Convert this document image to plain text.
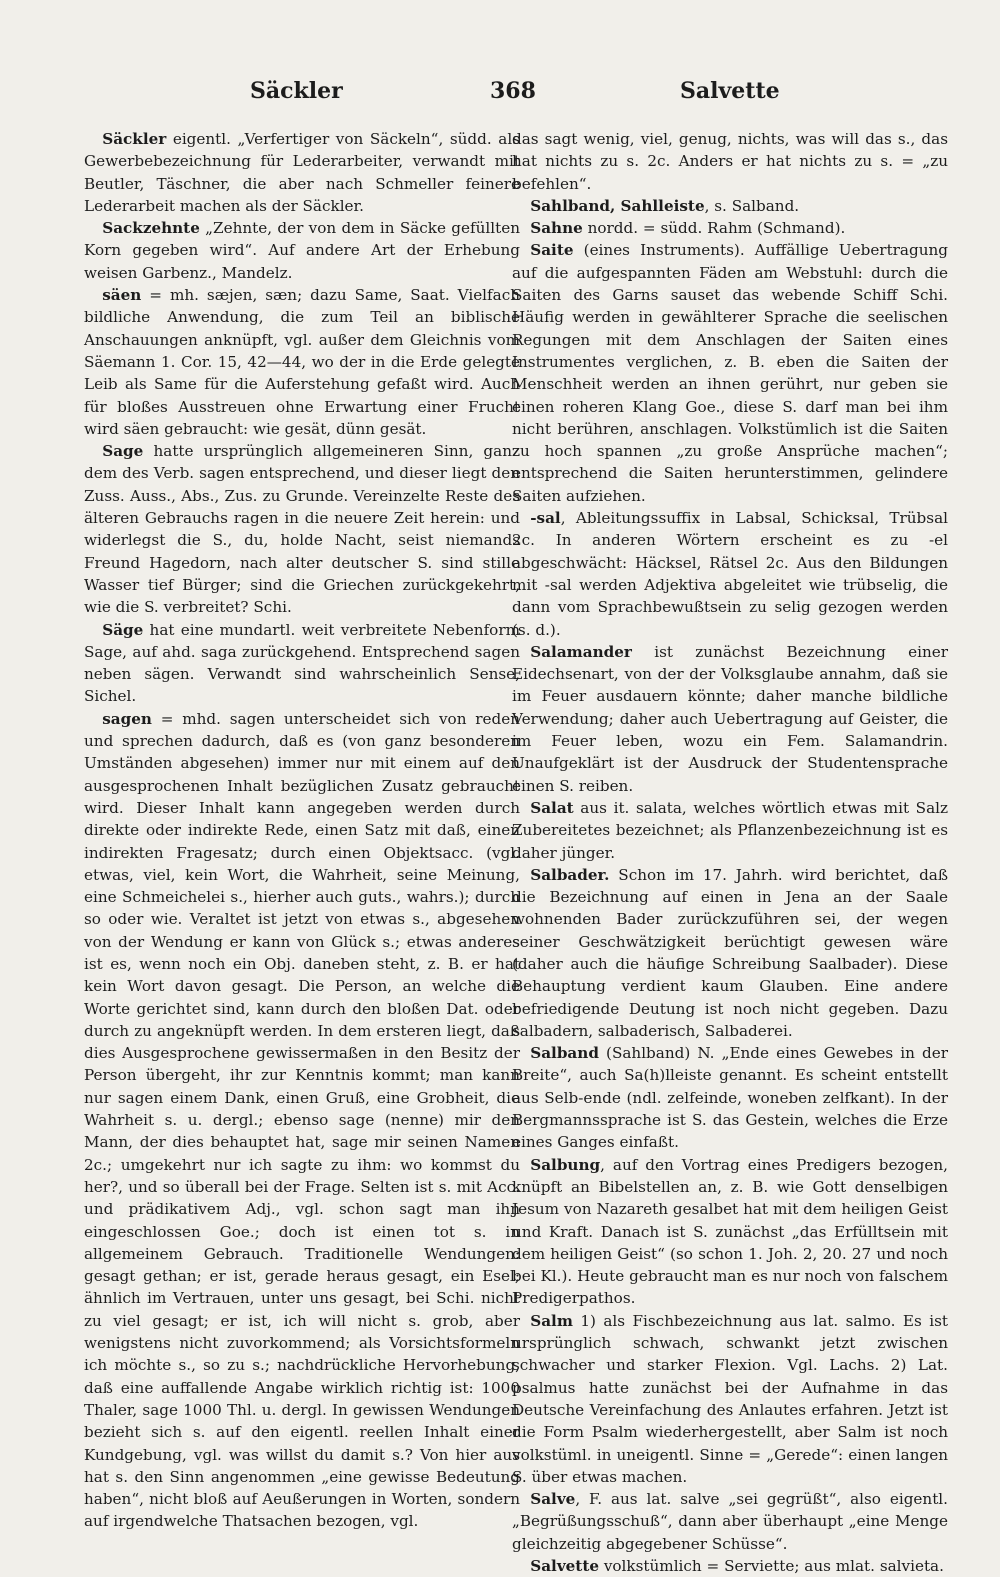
Säckler	368	Salvette

Säckler eigentl. „Verfertiger von Säckeln“, südd. als Gewerbebezeichnung für Lederarbeiter, verwandt mit Beutler, Täschner, die aber nach Schmeller feinere Lederarbeit machen als der Säckler.

Sackzehnte „Zehnte, der von dem in Säcke gefüllten Korn gegeben wird“. Auf andere Art der Erhebung weisen Garbenz., Mandelz.

säen = mh. sæjen, sæn; dazu Same, Saat. Vielfach bildliche Anwendung, die zum Teil an biblische Anschauungen anknüpft, vgl. außer dem Gleichnis vom Säemann 1. Cor. 15, 42—44, wo der in die Erde gelegte Leib als Same für die Auferstehung gefaßt wird. Auch für bloßes Ausstreuen ohne Erwartung einer Frucht wird säen gebraucht: wie gesät, dünn gesät.

Sage hatte ursprünglich allgemeineren Sinn, ganz dem des Verb. sagen entsprechend, und dieser liegt den Zuss. Auss., Abs., Zus. zu Grunde. Vereinzelte Reste des älteren Gebrauchs ragen in die neuere Zeit herein: und widerlegst die S., du, holde Nacht, seist niemands Freund Hagedorn, nach alter deutscher S. sind stille Wasser tief Bürger; sind die Griechen zurückgekehrt, wie die S. verbreitet? Schi.

Säge hat eine mundartl. weit verbreitete Nebenform Sage, auf ahd. saga zurückgehend. Entsprechend sagen neben sägen. Verwandt sind wahrscheinlich Sense, Sichel.

sagen = mhd. sagen unterscheidet sich von reden und sprechen dadurch, daß es (von ganz besonderen Umständen abgesehen) immer nur mit einem auf den ausgesprochenen Inhalt bezüglichen Zusatz gebraucht wird. Dieser Inhalt kann angegeben werden durch direkte oder indirekte Rede, einen Satz mit daß, einen indirekten Fragesatz; durch einen Objektsacc. (vgl. etwas, viel, kein Wort, die Wahrheit, seine Meinung, eine Schmeichelei s., hierher auch guts., wahrs.); durch so oder wie. Veraltet ist jetzt von etwas s., abgesehen von der Wendung er kann von Glück s.; etwas anderes ist es, wenn noch ein Obj. daneben steht, z. B. er hat kein Wort davon gesagt. Die Person, an welche die Worte gerichtet sind, kann durch den bloßen Dat. oder durch zu angeknüpft werden. In dem ersteren liegt, daß dies Ausgesprochene gewissermaßen in den Besitz der Person übergeht, ihr zur Kenntnis kommt; man kann nur sagen einem Dank, einen Gruß, eine Grobheit, die Wahrheit s. u. dergl.; ebenso sage (nenne) mir den Mann, der dies behauptet hat, sage mir seinen Namen 2c.; umgekehrt nur ich sagte zu ihm: wo kommst du her?, und so überall bei der Frage. Selten ist s. mit Acc. und prädikativem Adj., vgl. schon sagt man ihn eingeschlossen Goe.; doch ist einen tot s. in allgemeinem Gebrauch. Traditionelle Wendungen: gesagt gethan; er ist, gerade heraus gesagt, ein Esel; ähnlich im Vertrauen, unter uns gesagt, bei Schi. nicht zu viel gesagt; er ist, ich will nicht s. grob, aber wenigstens nicht zuvorkommend; als Vorsichtsformeln ich möchte s., so zu s.; nachdrückliche Hervorhebung, daß eine auffallende Angabe wirklich richtig ist: 1000 Thaler, sage 1000 Thl. u. dergl. In gewissen Wendungen bezieht sich s. auf den eigentl. reellen Inhalt einer Kundgebung, vgl. was willst du damit s.? Von hier aus hat s. den Sinn angenommen „eine gewisse Bedeutung haben“, nicht bloß auf Aeußerungen in Worten, sondern auf irgendwelche Thatsachen bezogen, vgl.

das sagt wenig, viel, genug, nichts, was will das s., das hat nichts zu s. 2c. Anders er hat nichts zu s. = „zu befehlen“.

Sahlband, Sahlleiste, s. Salband.

Sahne nordd. = südd. Rahm (Schmand).

Saite (eines Instruments). Auffällige Uebertragung auf die aufgespannten Fäden am Webstuhl: durch die Saiten des Garns sauset das webende Schiff Schi. Häufig werden in gewählterer Sprache die seelischen Regungen mit dem Anschlagen der Saiten eines Instrumentes verglichen, z. B. eben die Saiten der Menschheit werden an ihnen gerührt, nur geben sie einen roheren Klang Goe., diese S. darf man bei ihm nicht berühren, anschlagen. Volkstümlich ist die Saiten zu hoch spannen „zu große Ansprüche machen“; entsprechend die Saiten herunterstimmen, gelindere Saiten aufziehen.

-sal, Ableitungssuffix in Labsal, Schicksal, Trübsal 2c. In anderen Wörtern erscheint es zu -el abgeschwächt: Häcksel, Rätsel 2c. Aus den Bildungen mit -sal werden Adjektiva abgeleitet wie trübselig, die dann vom Sprachbewußtsein zu selig gezogen werden (s. d.).

Salamander ist zunächst Bezeichnung einer Eidechsenart, von der der Volksglaube annahm, daß sie im Feuer ausdauern könnte; daher manche bildliche Verwendung; daher auch Uebertragung auf Geister, die im Feuer leben, wozu ein Fem. Salamandrin. Unaufgeklärt ist der Ausdruck der Studentensprache einen S. reiben.

Salat aus it. salata, welches wörtlich etwas mit Salz Zubereitetes bezeichnet; als Pflanzenbezeichnung ist es daher jünger.

Salbader. Schon im 17. Jahrh. wird berichtet, daß die Bezeichnung auf einen in Jena an der Saale wohnenden Bader zurückzuführen sei, der wegen seiner Geschwätzigkeit berüchtigt gewesen wäre (daher auch die häufige Schreibung Saalbader). Diese Behauptung verdient kaum Glauben. Eine andere befriedigende Deutung ist noch nicht gegeben. Dazu salbadern, salbaderisch, Salbaderei.

Salband (Sahlband) N. „Ende eines Gewebes in der Breite“, auch Sa(h)lleiste genannt. Es scheint entstellt aus Selb-ende (ndl. zelfeinde, woneben zelfkant). In der Bergmannssprache ist S. das Gestein, welches die Erze eines Ganges einfaßt.

Salbung, auf den Vortrag eines Predigers bezogen, knüpft an Bibelstellen an, z. B. wie Gott denselbigen Jesum von Nazareth gesalbet hat mit dem heiligen Geist und Kraft. Danach ist S. zunächst „das Erfülltsein mit dem heiligen Geist“ (so schon 1. Joh. 2, 20. 27 und noch bei Kl.). Heute gebraucht man es nur noch von falschem Predigerpathos.

Salm 1) als Fischbezeichnung aus lat. salmo. Es ist ursprünglich schwach, schwankt jetzt zwischen schwacher und starker Flexion. Vgl. Lachs. 2) Lat. psalmus hatte zunächst bei der Aufnahme in das Deutsche Vereinfachung des Anlautes erfahren. Jetzt ist die Form Psalm wiederhergestellt, aber Salm ist noch volkstüml. in uneigentl. Sinne = „Gerede“: einen langen S. über etwas machen.

Salve, F. aus lat. salve „sei gegrüßt“, also eigentl. „Begrüßungsschuß“, dann aber überhaupt „eine Menge gleichzeitig abgegebener Schüsse“.

Salvette volkstümlich = Serviette; aus mlat. salvieta.
